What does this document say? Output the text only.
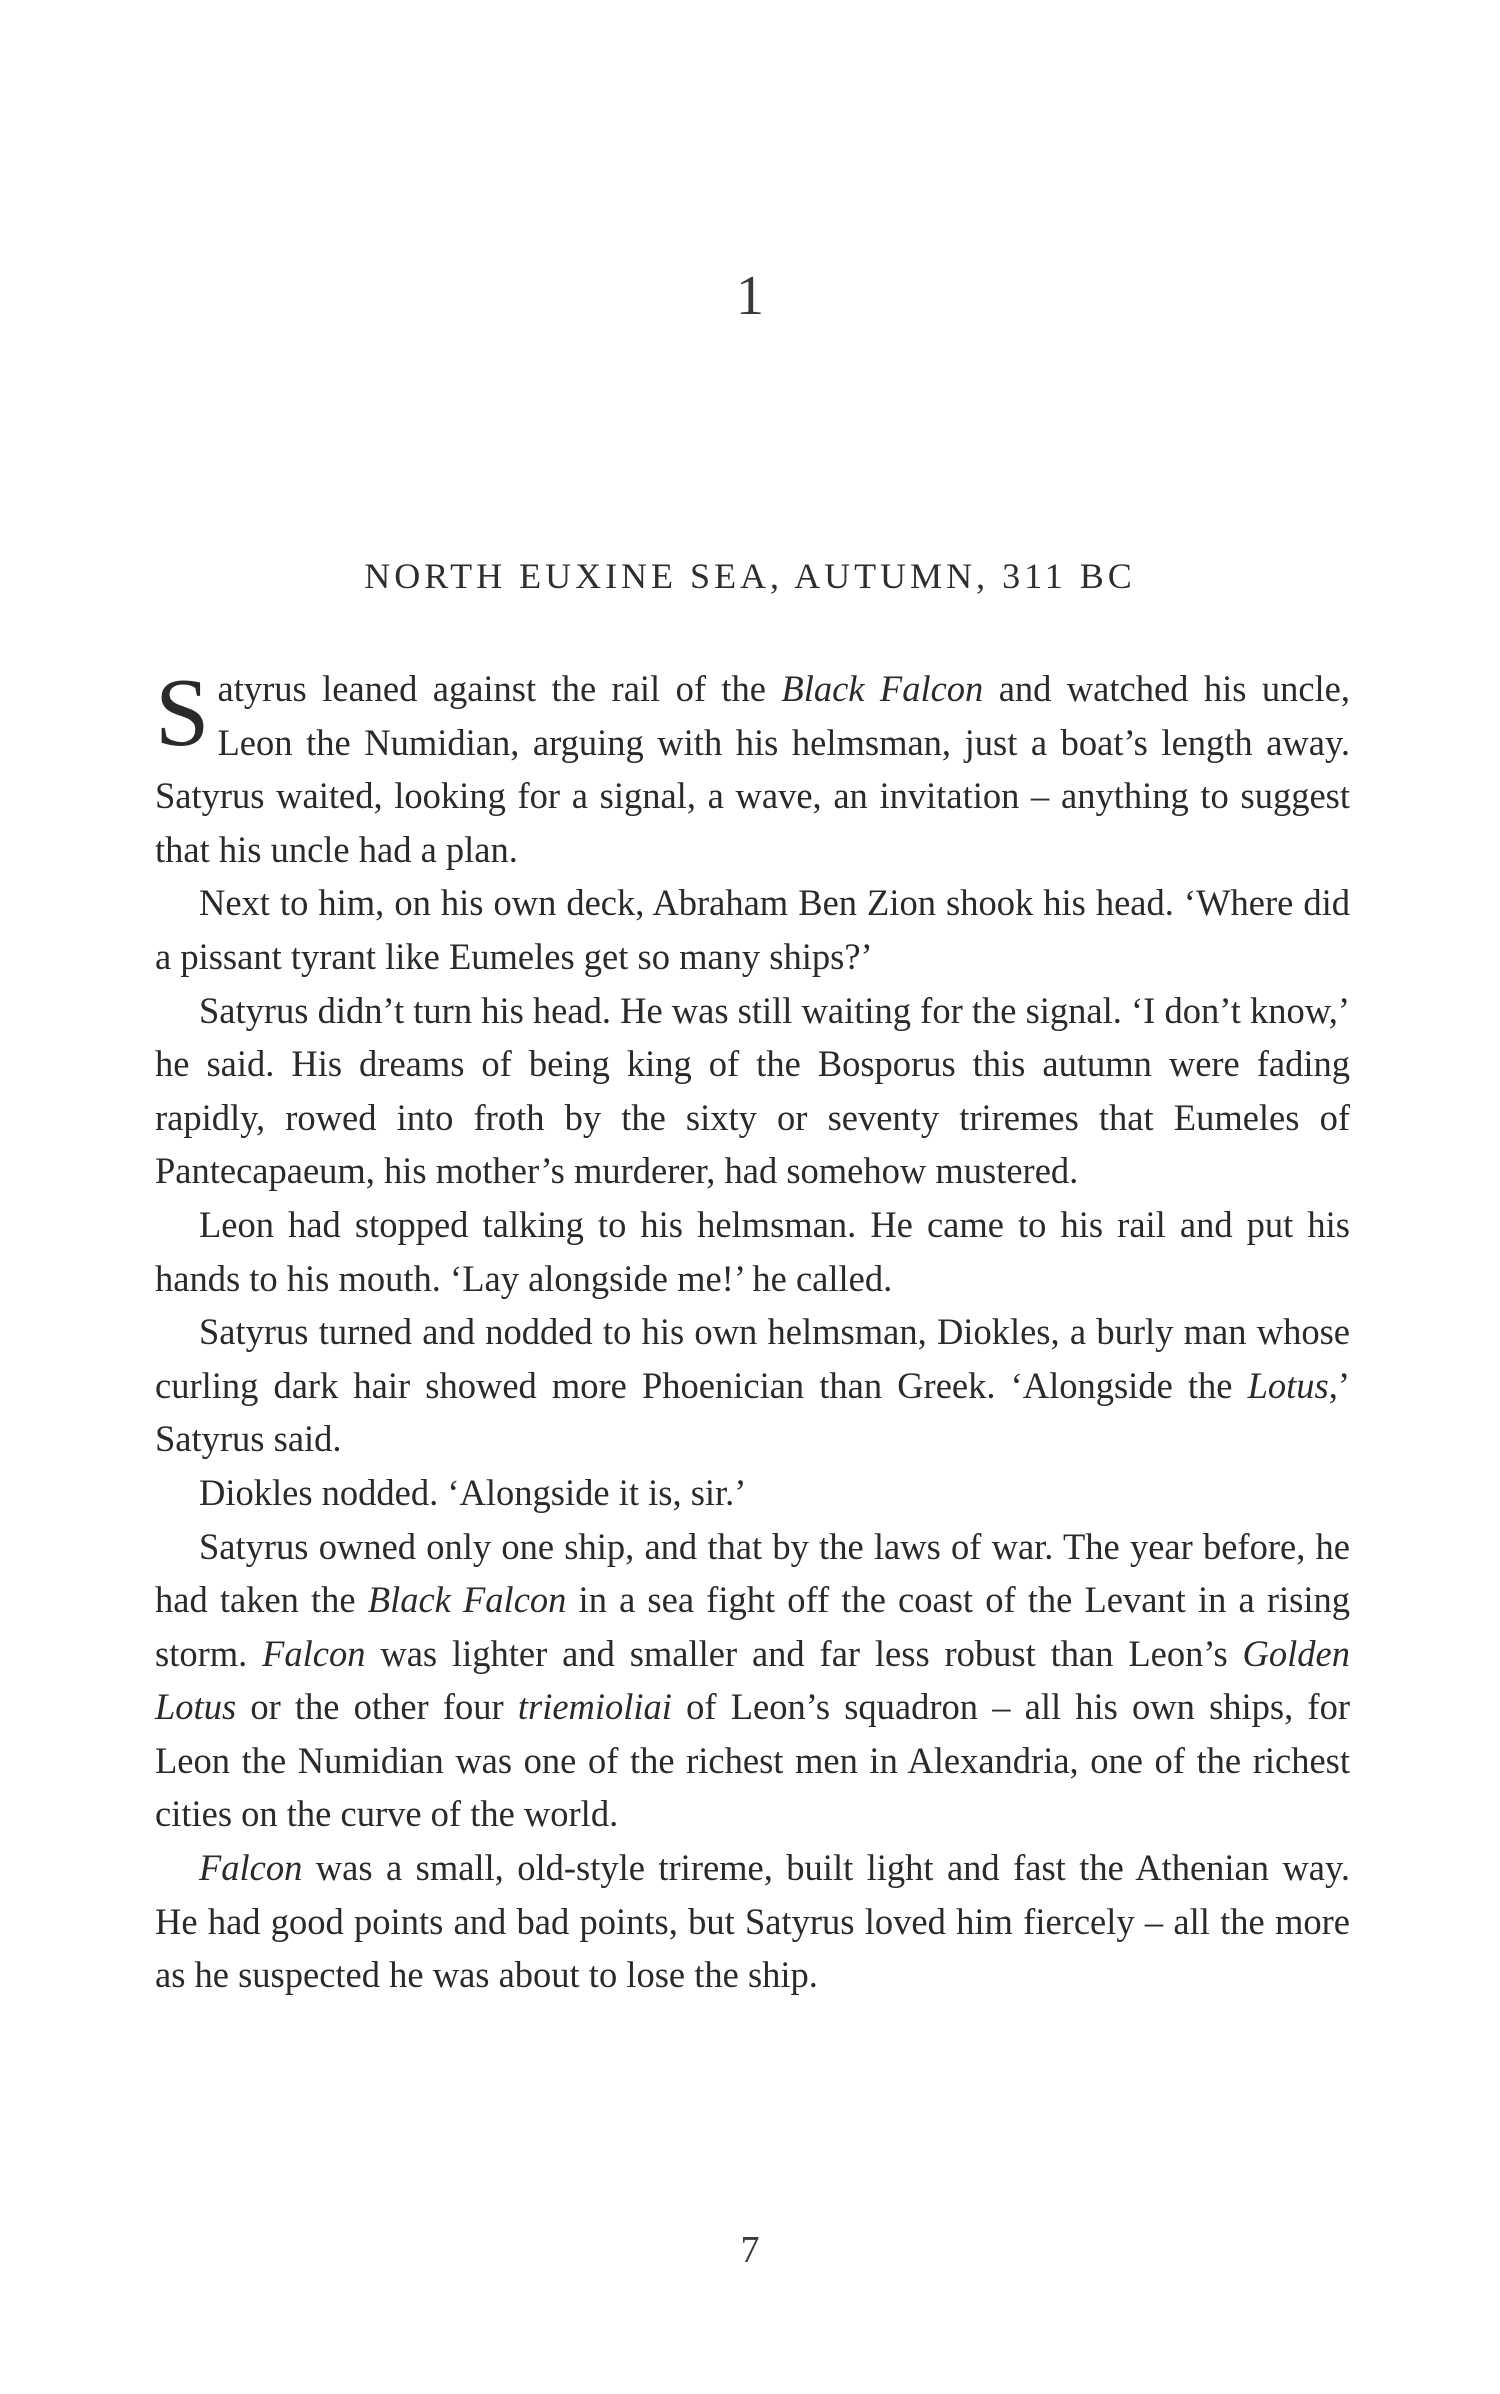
1
NORTH EUXINE SEA, AUTUMN, 311 BC

Satyrus leaned against the rail of the Black Falcon and watched his uncle, Leon the Numidian, arguing with his helmsman, just a boat’s length away. Satyrus waited, looking for a signal, a wave, an invitation – anything to suggest that his uncle had a plan.

Next to him, on his own deck, Abraham Ben Zion shook his head. ‘Where did a pissant tyrant like Eumeles get so many ships?’

Satyrus didn’t turn his head. He was still waiting for the signal. ‘I don’t know,’ he said. His dreams of being king of the Bosporus this autumn were fading rapidly, rowed into froth by the sixty or seventy triremes that Eumeles of Pantecapaeum, his mother’s murderer, had somehow mustered.

Leon had stopped talking to his helmsman. He came to his rail and put his hands to his mouth. ‘Lay alongside me!’ he called.

Satyrus turned and nodded to his own helmsman, Diokles, a burly man whose curling dark hair showed more Phoenician than Greek. ‘Alongside the Lotus,’ Satyrus said.

Diokles nodded. ‘Alongside it is, sir.’

Satyrus owned only one ship, and that by the laws of war. The year before, he had taken the Black Falcon in a sea fight off the coast of the Levant in a rising storm. Falcon was lighter and smaller and far less robust than Leon’s Golden Lotus or the other four triemioliai of Leon’s squadron – all his own ships, for Leon the Numidian was one of the richest men in Alexandria, one of the richest cities on the curve of the world.

Falcon was a small, old-style trireme, built light and fast the Athenian way. He had good points and bad points, but Satyrus loved him fiercely – all the more as he suspected he was about to lose the ship.

7
